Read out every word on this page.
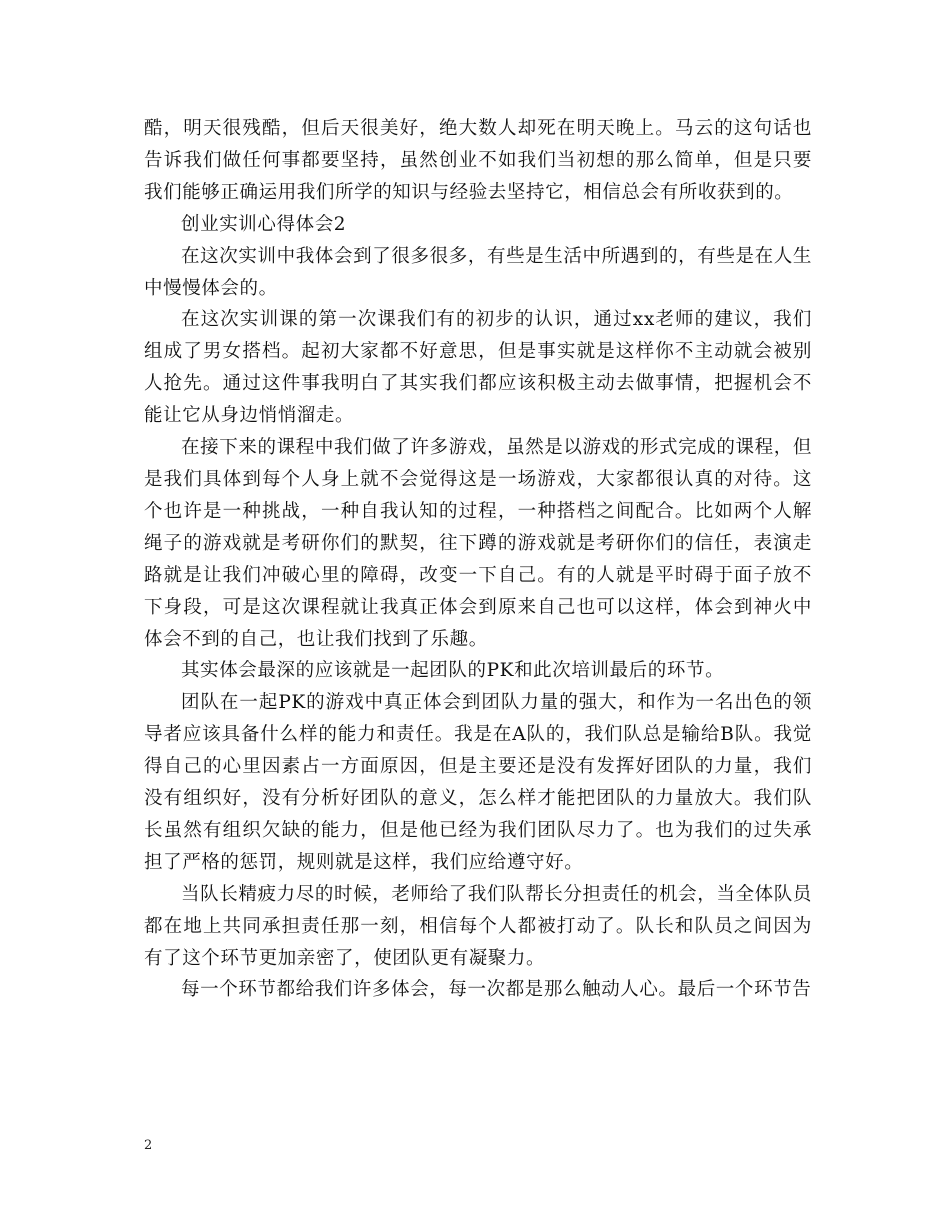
酷，明天很残酷，但后天很美好，绝大数人却死在明天晚上。马云的这句话也告诉我们做任何事都要坚持，虽然创业不如我们当初想的那么简单，但是只要我们能够正确运用我们所学的知识与经验去坚持它，相信总会有所收获到的。

创业实训心得体会2

在这次实训中我体会到了很多很多，有些是生活中所遇到的，有些是在人生中慢慢体会的。

在这次实训课的第一次课我们有的初步的认识，通过xx老师的建议，我们组成了男女搭档。起初大家都不好意思，但是事实就是这样你不主动就会被别人抢先。通过这件事我明白了其实我们都应该积极主动去做事情，把握机会不能让它从身边悄悄溜走。

在接下来的课程中我们做了许多游戏，虽然是以游戏的形式完成的课程，但是我们具体到每个人身上就不会觉得这是一场游戏，大家都很认真的对待。这个也许是一种挑战，一种自我认知的过程，一种搭档之间配合。比如两个人解绳子的游戏就是考研你们的默契，往下蹲的游戏就是考研你们的信任，表演走路就是让我们冲破心里的障碍，改变一下自己。有的人就是平时碍于面子放不下身段，可是这次课程就让我真正体会到原来自己也可以这样，体会到神火中体会不到的自己，也让我们找到了乐趣。

其实体会最深的应该就是一起团队的PK和此次培训最后的环节。

团队在一起PK的游戏中真正体会到团队力量的强大，和作为一名出色的领导者应该具备什么样的能力和责任。我是在A队的，我们队总是输给B队。我觉得自己的心里因素占一方面原因，但是主要还是没有发挥好团队的力量，我们没有组织好，没有分析好团队的意义，怎么样才能把团队的力量放大。我们队长虽然有组织欠缺的能力，但是他已经为我们团队尽力了。也为我们的过失承担了严格的惩罚，规则就是这样，我们应给遵守好。

当队长精疲力尽的时候，老师给了我们队帮长分担责任的机会，当全体队员都在地上共同承担责任那一刻，相信每个人都被打动了。队长和队员之间因为有了这个环节更加亲密了，使团队更有凝聚力。

每一个环节都给我们许多体会，每一次都是那么触动人心。最后一个环节告

2
